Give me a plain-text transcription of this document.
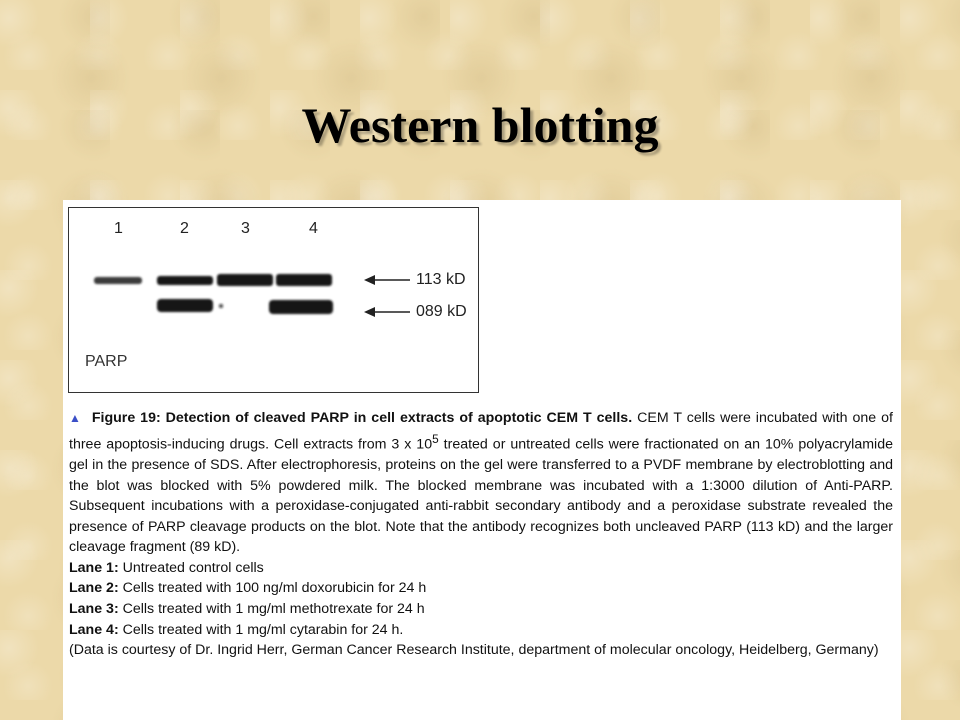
Western blotting
1	2	3	4
113 kD
089 kD
PARP

▲ Figure 19: Detection of cleaved PARP in cell extracts of apoptotic CEM T cells. CEM T cells were incubated with one of three apoptosis-inducing drugs. Cell extracts from 3 x $10^5$ treated or untreated cells were fractionated on an 10% polyacrylamide gel in the presence of SDS. After electrophoresis, proteins on the gel were transferred to a PVDF membrane by electroblotting and the blot was blocked with 5% powdered milk. The blocked membrane was incubated with a 1:3000 dilution of Anti-PARP. Subsequent incubations with a peroxidase-conjugated anti-rabbit secondary antibody and a peroxidase substrate revealed the presence of PARP cleavage products on the blot. Note that the antibody recognizes both uncleaved PARP (113 kD) and the larger cleavage fragment (89 kD).

Lane 1: Untreated control cells

Lane 2: Cells treated with 100 ng/ml doxorubicin for 24 h

Lane 3: Cells treated with 1 mg/ml methotrexate for 24 h

Lane 4: Cells treated with 1 mg/ml cytarabin for 24 h.

(Data is courtesy of Dr. Ingrid Herr, German Cancer Research Institute, department of molecular oncology, Heidelberg, Germany)
